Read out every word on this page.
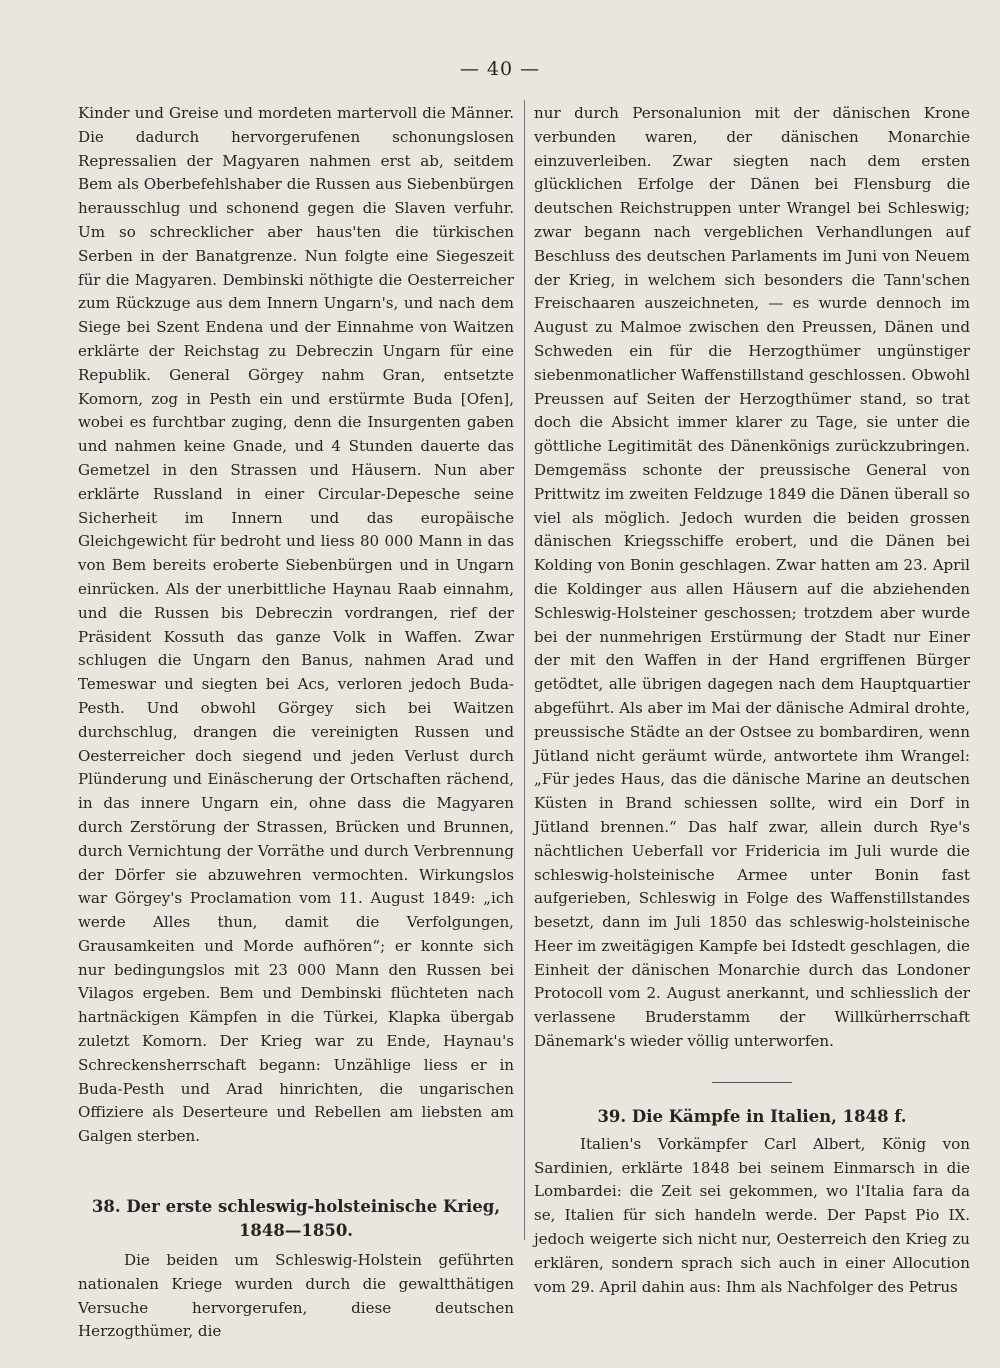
— 40 —

Kinder und Greise und mordeten martervoll die Männer. Die dadurch hervorgerufenen schonungslosen Repressalien der Magyaren nahmen erst ab, seitdem Bem als Oberbefehlshaber die Russen aus Siebenbürgen herausschlug und schonend gegen die Slaven verfuhr. Um so schrecklicher aber haus'ten die türkischen Serben in der Banatgrenze. Nun folgte eine Siegeszeit für die Magyaren. Dembinski nöthigte die Oesterreicher zum Rückzuge aus dem Innern Ungarn's, und nach dem Siege bei Szent Endena und der Einnahme von Waitzen erklärte der Reichstag zu Debreczin Ungarn für eine Republik. General Görgey nahm Gran, entsetzte Komorn, zog in Pesth ein und erstürmte Buda [Ofen], wobei es furchtbar zuging, denn die Insurgenten gaben und nahmen keine Gnade, und 4 Stunden dauerte das Gemetzel in den Strassen und Häusern. Nun aber erklärte Russland in einer Circular-Depesche seine Sicherheit im Innern und das europäische Gleichgewicht für bedroht und liess 80 000 Mann in das von Bem bereits eroberte Siebenbürgen und in Ungarn einrücken. Als der unerbittliche Haynau Raab einnahm, und die Russen bis Debreczin vordrangen, rief der Präsident Kossuth das ganze Volk in Waffen. Zwar schlugen die Ungarn den Banus, nahmen Arad und Temeswar und siegten bei Acs, verloren jedoch Buda-Pesth. Und obwohl Görgey sich bei Waitzen durchschlug, drangen die vereinigten Russen und Oesterreicher doch siegend und jeden Verlust durch Plünderung und Einäscherung der Ortschaften rächend, in das innere Ungarn ein, ohne dass die Magyaren durch Zerstörung der Strassen, Brücken und Brunnen, durch Vernichtung der Vorräthe und durch Verbrennung der Dörfer sie abzuwehren vermochten. Wirkungslos war Görgey's Proclamation vom 11. August 1849: „ich werde Alles thun, damit die Verfolgungen, Grausamkeiten und Morde aufhören“; er konnte sich nur bedingungslos mit 23 000 Mann den Russen bei Vilagos ergeben. Bem und Dembinski flüchteten nach hartnäckigen Kämpfen in die Türkei, Klapka übergab zuletzt Komorn. Der Krieg war zu Ende, Haynau's Schreckensherrschaft begann: Unzählige liess er in Buda-Pesth und Arad hinrichten, die ungarischen Offiziere als Deserteure und Rebellen am liebsten am Galgen sterben.

38. Der erste schleswig-holsteinische Krieg,
1848—1850.

Die beiden um Schleswig-Holstein geführten nationalen Kriege wurden durch die gewaltthätigen Versuche hervorgerufen, diese deutschen Herzogthümer, die

nur durch Personalunion mit der dänischen Krone verbunden waren, der dänischen Monarchie einzuverleiben. Zwar siegten nach dem ersten glücklichen Erfolge der Dänen bei Flensburg die deutschen Reichstruppen unter Wrangel bei Schleswig; zwar begann nach vergeblichen Verhandlungen auf Beschluss des deutschen Parlaments im Juni von Neuem der Krieg, in welchem sich besonders die Tann'schen Freischaaren auszeichneten, — es wurde dennoch im August zu Malmoe zwischen den Preussen, Dänen und Schweden ein für die Herzogthümer ungünstiger siebenmonatlicher Waffenstillstand geschlossen. Obwohl Preussen auf Seiten der Herzogthümer stand, so trat doch die Absicht immer klarer zu Tage, sie unter die göttliche Legitimität des Dänenkönigs zurückzubringen. Demgemäss schonte der preussische General von Prittwitz im zweiten Feldzuge 1849 die Dänen überall so viel als möglich. Jedoch wurden die beiden grossen dänischen Kriegsschiffe erobert, und die Dänen bei Kolding von Bonin geschlagen. Zwar hatten am 23. April die Koldinger aus allen Häusern auf die abziehenden Schleswig-Holsteiner geschossen; trotzdem aber wurde bei der nunmehrigen Erstürmung der Stadt nur Einer der mit den Waffen in der Hand ergriffenen Bürger getödtet, alle übrigen dagegen nach dem Hauptquartier abgeführt. Als aber im Mai der dänische Admiral drohte, preussische Städte an der Ostsee zu bombardiren, wenn Jütland nicht geräumt würde, antwortete ihm Wrangel: „Für jedes Haus, das die dänische Marine an deutschen Küsten in Brand schiessen sollte, wird ein Dorf in Jütland brennen.“ Das half zwar, allein durch Rye's nächtlichen Ueberfall vor Fridericia im Juli wurde die schleswig-holsteinische Armee unter Bonin fast aufgerieben, Schleswig in Folge des Waffenstillstandes besetzt, dann im Juli 1850 das schleswig-holsteinische Heer im zweitägigen Kampfe bei Idstedt geschlagen, die Einheit der dänischen Monarchie durch das Londoner Protocoll vom 2. August anerkannt, und schliesslich der verlassene Bruderstamm der Willkürherrschaft Dänemark's wieder völlig unterworfen.

39. Die Kämpfe in Italien, 1848 f.

Italien's Vorkämpfer Carl Albert, König von Sardinien, erklärte 1848 bei seinem Einmarsch in die Lombardei: die Zeit sei gekommen, wo l'Italia fara da se, Italien für sich handeln werde. Der Papst Pio IX. jedoch weigerte sich nicht nur, Oesterreich den Krieg zu erklären, sondern sprach sich auch in einer Allocution vom 29. April dahin aus: Ihm als Nachfolger des Petrus
